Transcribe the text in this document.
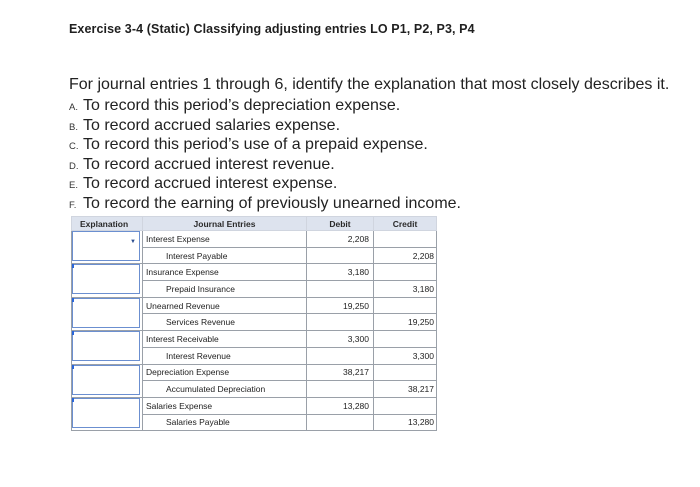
Exercise 3-4 (Static) Classifying adjusting entries LO P1, P2, P3, P4
For journal entries 1 through 6, identify the explanation that most closely describes it.
A. To record this period’s depreciation expense.
B. To record accrued salaries expense.
C. To record this period’s use of a prepaid expense.
D. To record accrued interest revenue.
E. To record accrued interest expense.
F. To record the earning of previously unearned income.
Explanation	Journal Entries	Debit	Credit

▼	Interest Expense	2,208	
	Interest Payable		2,208

	Insurance Expense	3,180	
	Prepaid Insurance		3,180

	Unearned Revenue	19,250	
	Services Revenue		19,250

	Interest Receivable	3,300	
	Interest Revenue		3,300

	Depreciation Expense	38,217	
	Accumulated Depreciation		38,217

	Salaries Expense	13,280	
	Salaries Payable		13,280
